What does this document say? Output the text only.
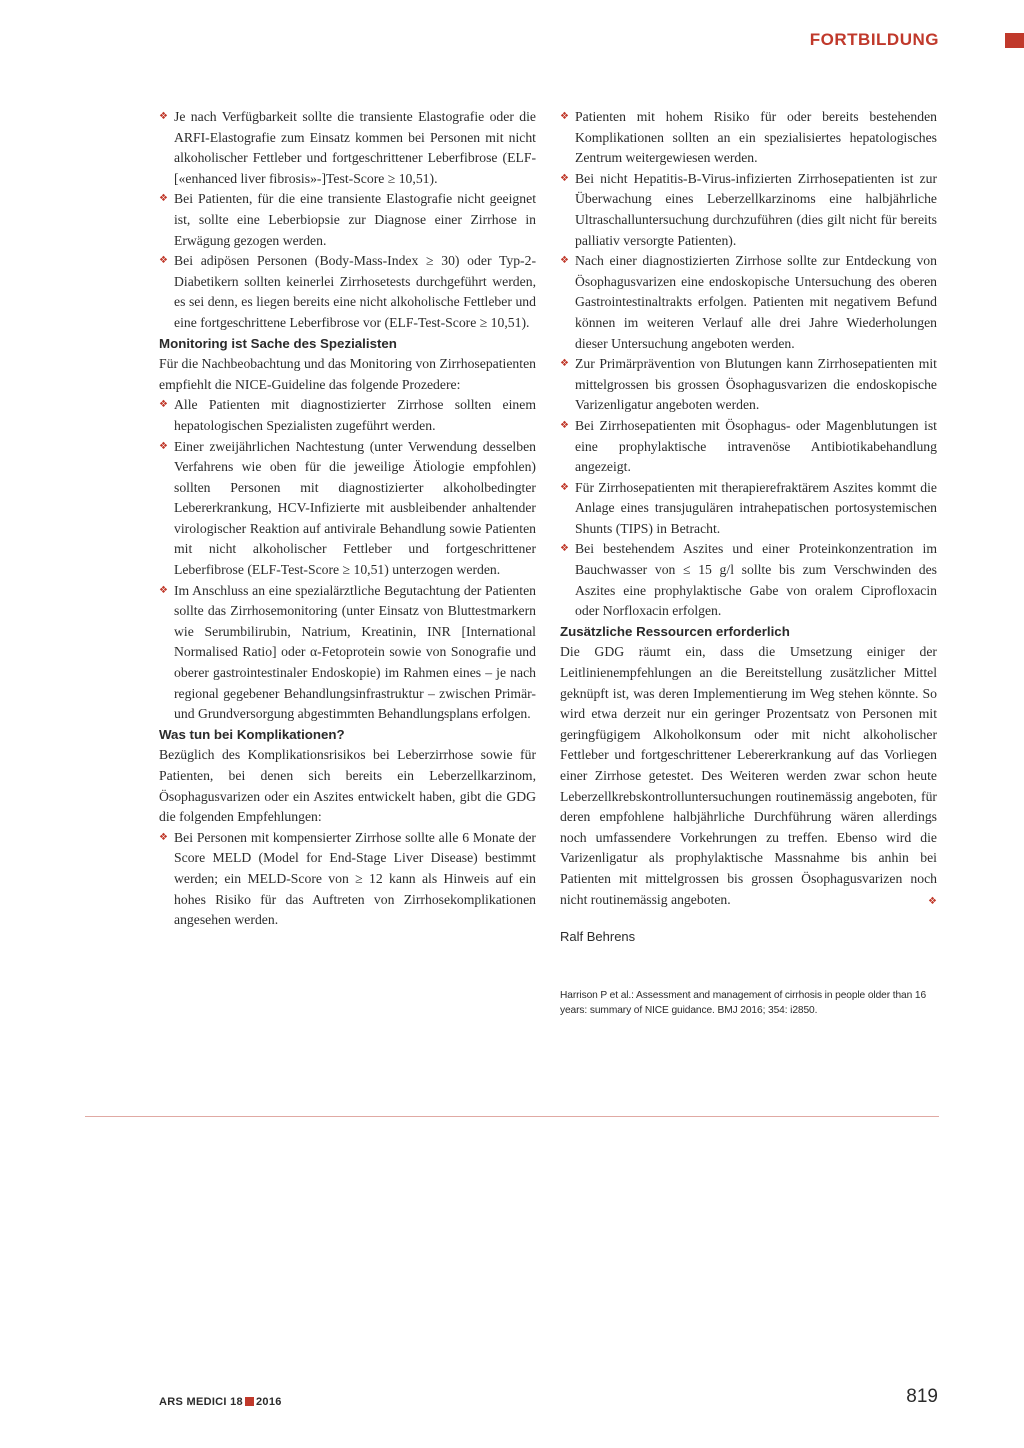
FORTBILDUNG
❖ Je nach Verfügbarkeit sollte die transiente Elastografie oder die ARFI-Elastografie zum Einsatz kommen bei Personen mit nicht alkoholischer Fettleber und fortgeschrittener Leberfibrose (ELF-[«enhanced liver fibrosis»-]Test-Score ≥ 10,51).
❖ Bei Patienten, für die eine transiente Elastografie nicht geeignet ist, sollte eine Leberbiopsie zur Diagnose einer Zirrhose in Erwägung gezogen werden.
❖ Bei adipösen Personen (Body-Mass-Index ≥ 30) oder Typ-2-Diabetikern sollten keinerlei Zirrhosetests durchgeführt werden, es sei denn, es liegen bereits eine nicht alkoholische Fettleber und eine fortgeschrittene Leberfibrose vor (ELF-Test-Score ≥ 10,51).

Monitoring ist Sache des Spezialisten

Für die Nachbeobachtung und das Monitoring von Zirrhosepatienten empfiehlt die NICE-Guideline das folgende Prozedere:

❖ Alle Patienten mit diagnostizierter Zirrhose sollten einem hepatologischen Spezialisten zugeführt werden.
❖ Einer zweijährlichen Nachtestung (unter Verwendung desselben Verfahrens wie oben für die jeweilige Ätiologie empfohlen) sollten Personen mit diagnostizierter alkoholbedingter Lebererkrankung, HCV-Infizierte mit ausbleibender anhaltender virologischer Reaktion auf antivirale Behandlung sowie Patienten mit nicht alkoholischer Fettleber und fortgeschrittener Leberfibrose (ELF-Test-Score ≥ 10,51) unterzogen werden.
❖ Im Anschluss an eine spezialärztliche Begutachtung der Patienten sollte das Zirrhosemonitoring (unter Einsatz von Bluttestmarkern wie Serumbilirubin, Natrium, Kreatinin, INR [International Normalised Ratio] oder α-Fetoprotein sowie von Sonografie und oberer gastrointestinaler Endoskopie) im Rahmen eines – je nach regional gegebener Behandlungsinfrastruktur – zwischen Primär- und Grundversorgung abgestimmten Behandlungsplans erfolgen.

Was tun bei Komplikationen?

Bezüglich des Komplikationsrisikos bei Leberzirrhose sowie für Patienten, bei denen sich bereits ein Leberzellkarzinom, Ösophagusvarizen oder ein Aszites entwickelt haben, gibt die GDG die folgenden Empfehlungen:

❖ Bei Personen mit kompensierter Zirrhose sollte alle 6 Monate der Score MELD (Model for End-Stage Liver Disease) bestimmt werden; ein MELD-Score von ≥ 12 kann als Hinweis auf ein hohes Risiko für das Auftreten von Zirrhosekomplikationen angesehen werden.
❖ Patienten mit hohem Risiko für oder bereits bestehenden Komplikationen sollten an ein spezialisiertes hepatologisches Zentrum weitergewiesen werden.
❖ Bei nicht Hepatitis-B-Virus-infizierten Zirrhosepatienten ist zur Überwachung eines Leberzellkarzinoms eine halbjährliche Ultraschalluntersuchung durchzuführen (dies gilt nicht für bereits palliativ versorgte Patienten).
❖ Nach einer diagnostizierten Zirrhose sollte zur Entdeckung von Ösophagusvarizen eine endoskopische Untersuchung des oberen Gastrointestinaltrakts erfolgen. Patienten mit negativem Befund können im weiteren Verlauf alle drei Jahre Wiederholungen dieser Untersuchung angeboten werden.
❖ Zur Primärprävention von Blutungen kann Zirrhosepatienten mit mittelgrossen bis grossen Ösophagusvarizen die endoskopische Varizenligatur angeboten werden.
❖ Bei Zirrhosepatienten mit Ösophagus- oder Magenblutungen ist eine prophylaktische intravenöse Antibiotikabehandlung angezeigt.
❖ Für Zirrhosepatienten mit therapierefraktärem Aszites kommt die Anlage eines transjugulären intrahepatischen portosystemischen Shunts (TIPS) in Betracht.
❖ Bei bestehendem Aszites und einer Proteinkonzentration im Bauchwasser von ≤ 15 g/l sollte bis zum Verschwinden des Aszites eine prophylaktische Gabe von oralem Ciprofloxacin oder Norfloxacin erfolgen.

Zusätzliche Ressourcen erforderlich

Die GDG räumt ein, dass die Umsetzung einiger der Leitlinienempfehlungen an die Bereitstellung zusätzlicher Mittel geknüpft ist, was deren Implementierung im Weg stehen könnte. So wird etwa derzeit nur ein geringer Prozentsatz von Personen mit geringfügigem Alkoholkonsum oder mit nicht alkoholischer Fettleber und fortgeschrittener Lebererkrankung auf das Vorliegen einer Zirrhose getestet. Des Weiteren werden zwar schon heute Leberzellkrebskontrolluntersuchungen routinemässig angeboten, für deren empfohlene halbjährliche Durchführung wären allerdings noch umfassendere Vorkehrungen zu treffen. Ebenso wird die Varizenligatur als prophylaktische Massnahme bis anhin bei Patienten mit mittelgrossen bis grossen Ösophagusvarizen noch nicht routinemässig angeboten.	❖

Ralf Behrens
Harrison P et al.: Assessment and management of cirrhosis in people older than 16 years: summary of NICE guidance. BMJ 2016; 354: i2850.
ARS MEDICI 18 2016	819
